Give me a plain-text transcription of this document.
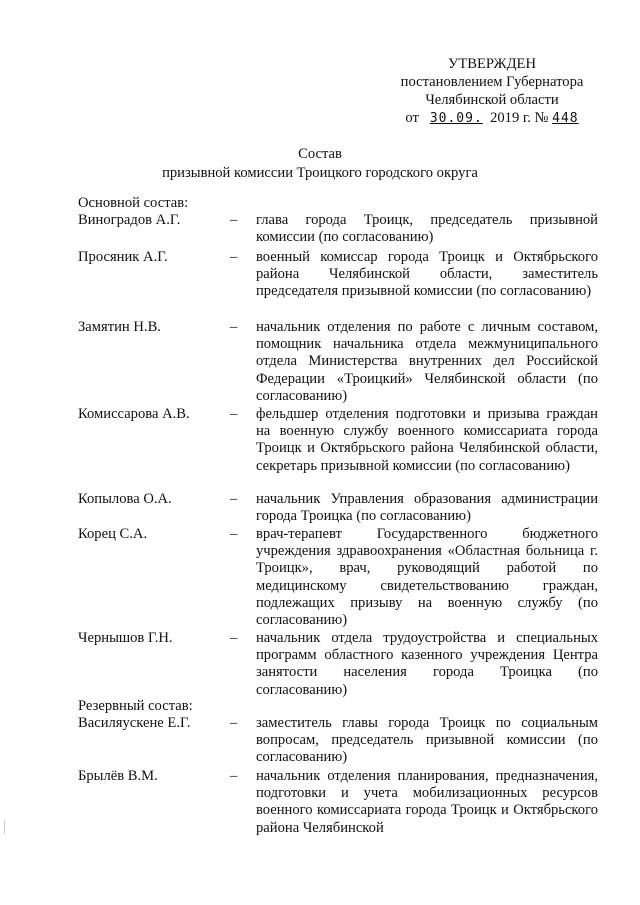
УТВЕРЖДЕН
постановлением Губернатора
Челябинской области
от 30.09. 2019 г. № 448
Состав
призывной комиссии Троицкого городского округа
Основной состав:
Виноградов А.Г.	–	глава города Троицк, председатель призывной комиссии (по согласованию)
Просяник А.Г.	–	военный комиссар города Троицк и Октябрьского района Челябинской области, заместитель председателя призывной комиссии (по согласованию)
Замятин Н.В.	–	начальник отделения по работе с личным составом, помощник начальника отдела межмуниципального отдела Министерства внутренних дел Российской Федерации «Троицкий» Челябинской области (по согласованию)
Комиссарова А.В.	–	фельдшер отделения подготовки и призыва граждан на военную службу военного комиссариата города Троицк и Октябрьского района Челябинской области, секретарь призывной комиссии (по согласованию)
Копылова О.А.	–	начальник Управления образования администрации города Троицка (по согласованию)
Корец С.А.	–	врач-терапевт Государственного бюджетного учреждения здравоохранения «Областная больница г. Троицк», врач, руководящий работой по медицинскому свидетельствованию граждан, подлежащих призыву на военную службу (по согласованию)
Чернышов Г.Н.	–	начальник отдела трудоустройства и специальных программ областного казенного учреждения Центра занятости населения города Троицка (по согласованию)
Резервный состав:
Василяускене Е.Г.	–	заместитель главы города Троицк по социальным вопросам, председатель призывной комиссии (по согласованию)
Брылёв В.М.	–	начальник отделения планирования, предназначения, подготовки и учета мобилизационных ресурсов военного комиссариата города Троицк и Октябрьского района Челябинской
